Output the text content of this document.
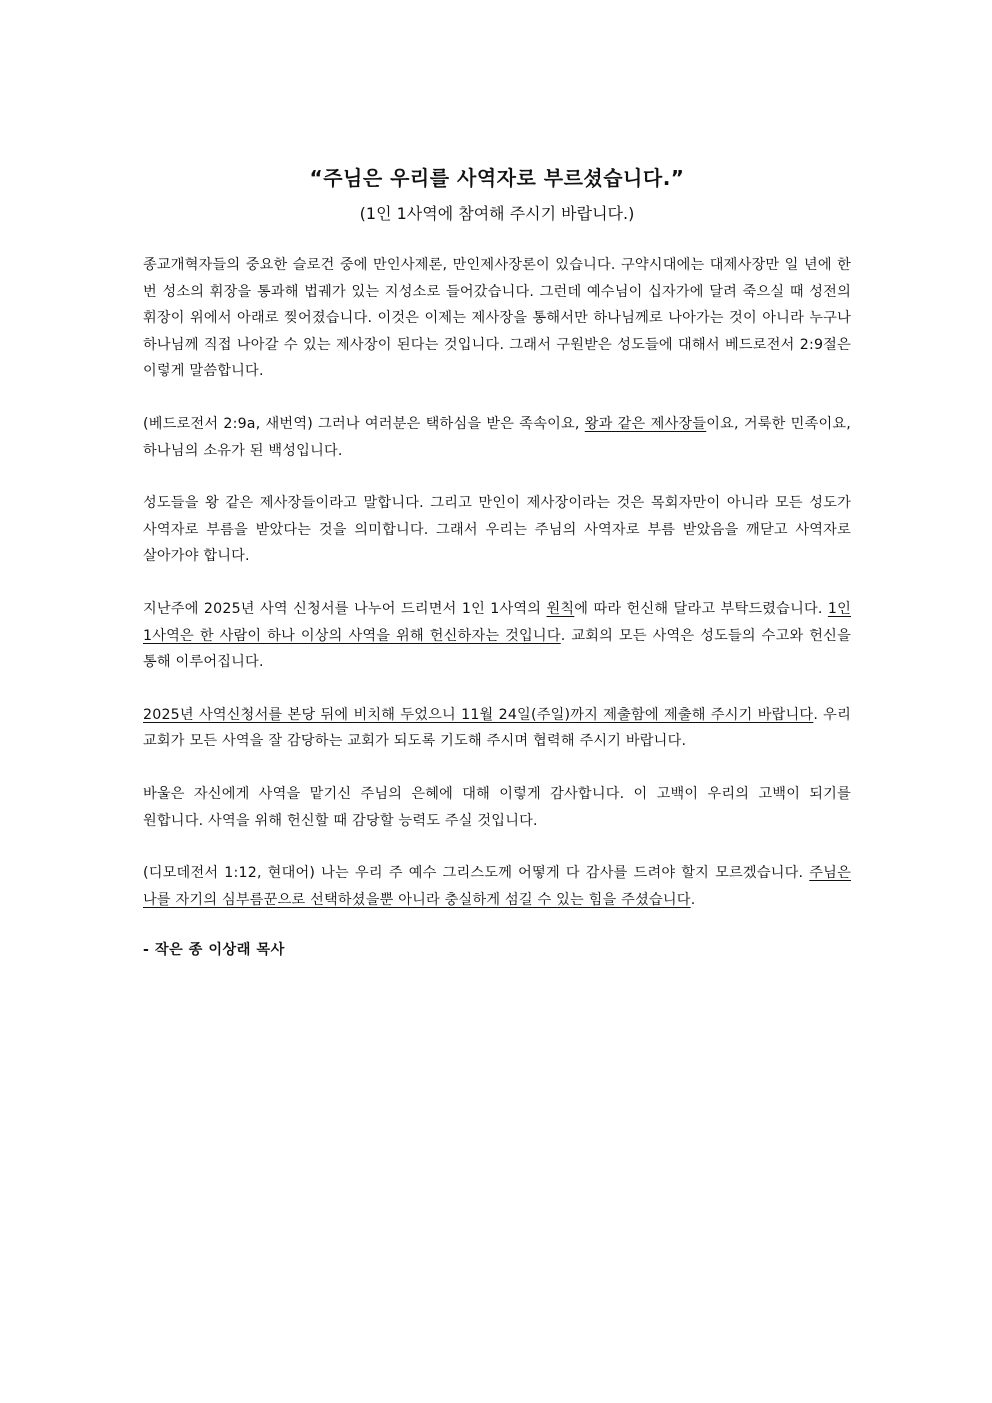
“주님은 우리를 사역자로 부르셨습니다.”

(1인 1사역에 참여해 주시기 바랍니다.)

종교개혁자들의 중요한 슬로건 중에 만인사제론, 만인제사장론이 있습니다. 구약시대에는 대제사장만 일 년에 한 번 성소의 휘장을 통과해 법궤가 있는 지성소로 들어갔습니다. 그런데 예수님이 십자가에 달려 죽으실 때 성전의 휘장이 위에서 아래로 찢어졌습니다. 이것은 이제는 제사장을 통해서만 하나님께로 나아가는 것이 아니라 누구나 하나님께 직접 나아갈 수 있는 제사장이 된다는 것입니다. 그래서 구원받은 성도들에 대해서 베드로전서 2:9절은 이렇게 말씀합니다.

(베드로전서 2:9a, 새번역) 그러나 여러분은 택하심을 받은 족속이요, 왕과 같은 제사장들이요, 거룩한 민족이요, 하나님의 소유가 된 백성입니다.

성도들을 왕 같은 제사장들이라고 말합니다. 그리고 만인이 제사장이라는 것은 목회자만이 아니라 모든 성도가 사역자로 부름을 받았다는 것을 의미합니다. 그래서 우리는 주님의 사역자로 부름 받았음을 깨닫고 사역자로 살아가야 합니다.

지난주에 2025년 사역 신청서를 나누어 드리면서 1인 1사역의 원칙에 따라 헌신해 달라고 부탁드렸습니다. 1인 1사역은 한 사람이 하나 이상의 사역을 위해 헌신하자는 것입니다. 교회의 모든 사역은 성도들의 수고와 헌신을 통해 이루어집니다.

2025년 사역신청서를 본당 뒤에 비치해 두었으니 11월 24일(주일)까지 제출함에 제출해 주시기 바랍니다. 우리 교회가 모든 사역을 잘 감당하는 교회가 되도록 기도해 주시며 협력해 주시기 바랍니다.

바울은 자신에게 사역을 맡기신 주님의 은혜에 대해 이렇게 감사합니다. 이 고백이 우리의 고백이 되기를 원합니다. 사역을 위해 헌신할 때 감당할 능력도 주실 것입니다.

(디모데전서 1:12, 현대어) 나는 우리 주 예수 그리스도께 어떻게 다 감사를 드려야 할지 모르겠습니다. 주님은 나를 자기의 심부름꾼으로 선택하셨을뿐 아니라 충실하게 섬길 수 있는 힘을 주셨습니다.

- 작은 종 이상래 목사
